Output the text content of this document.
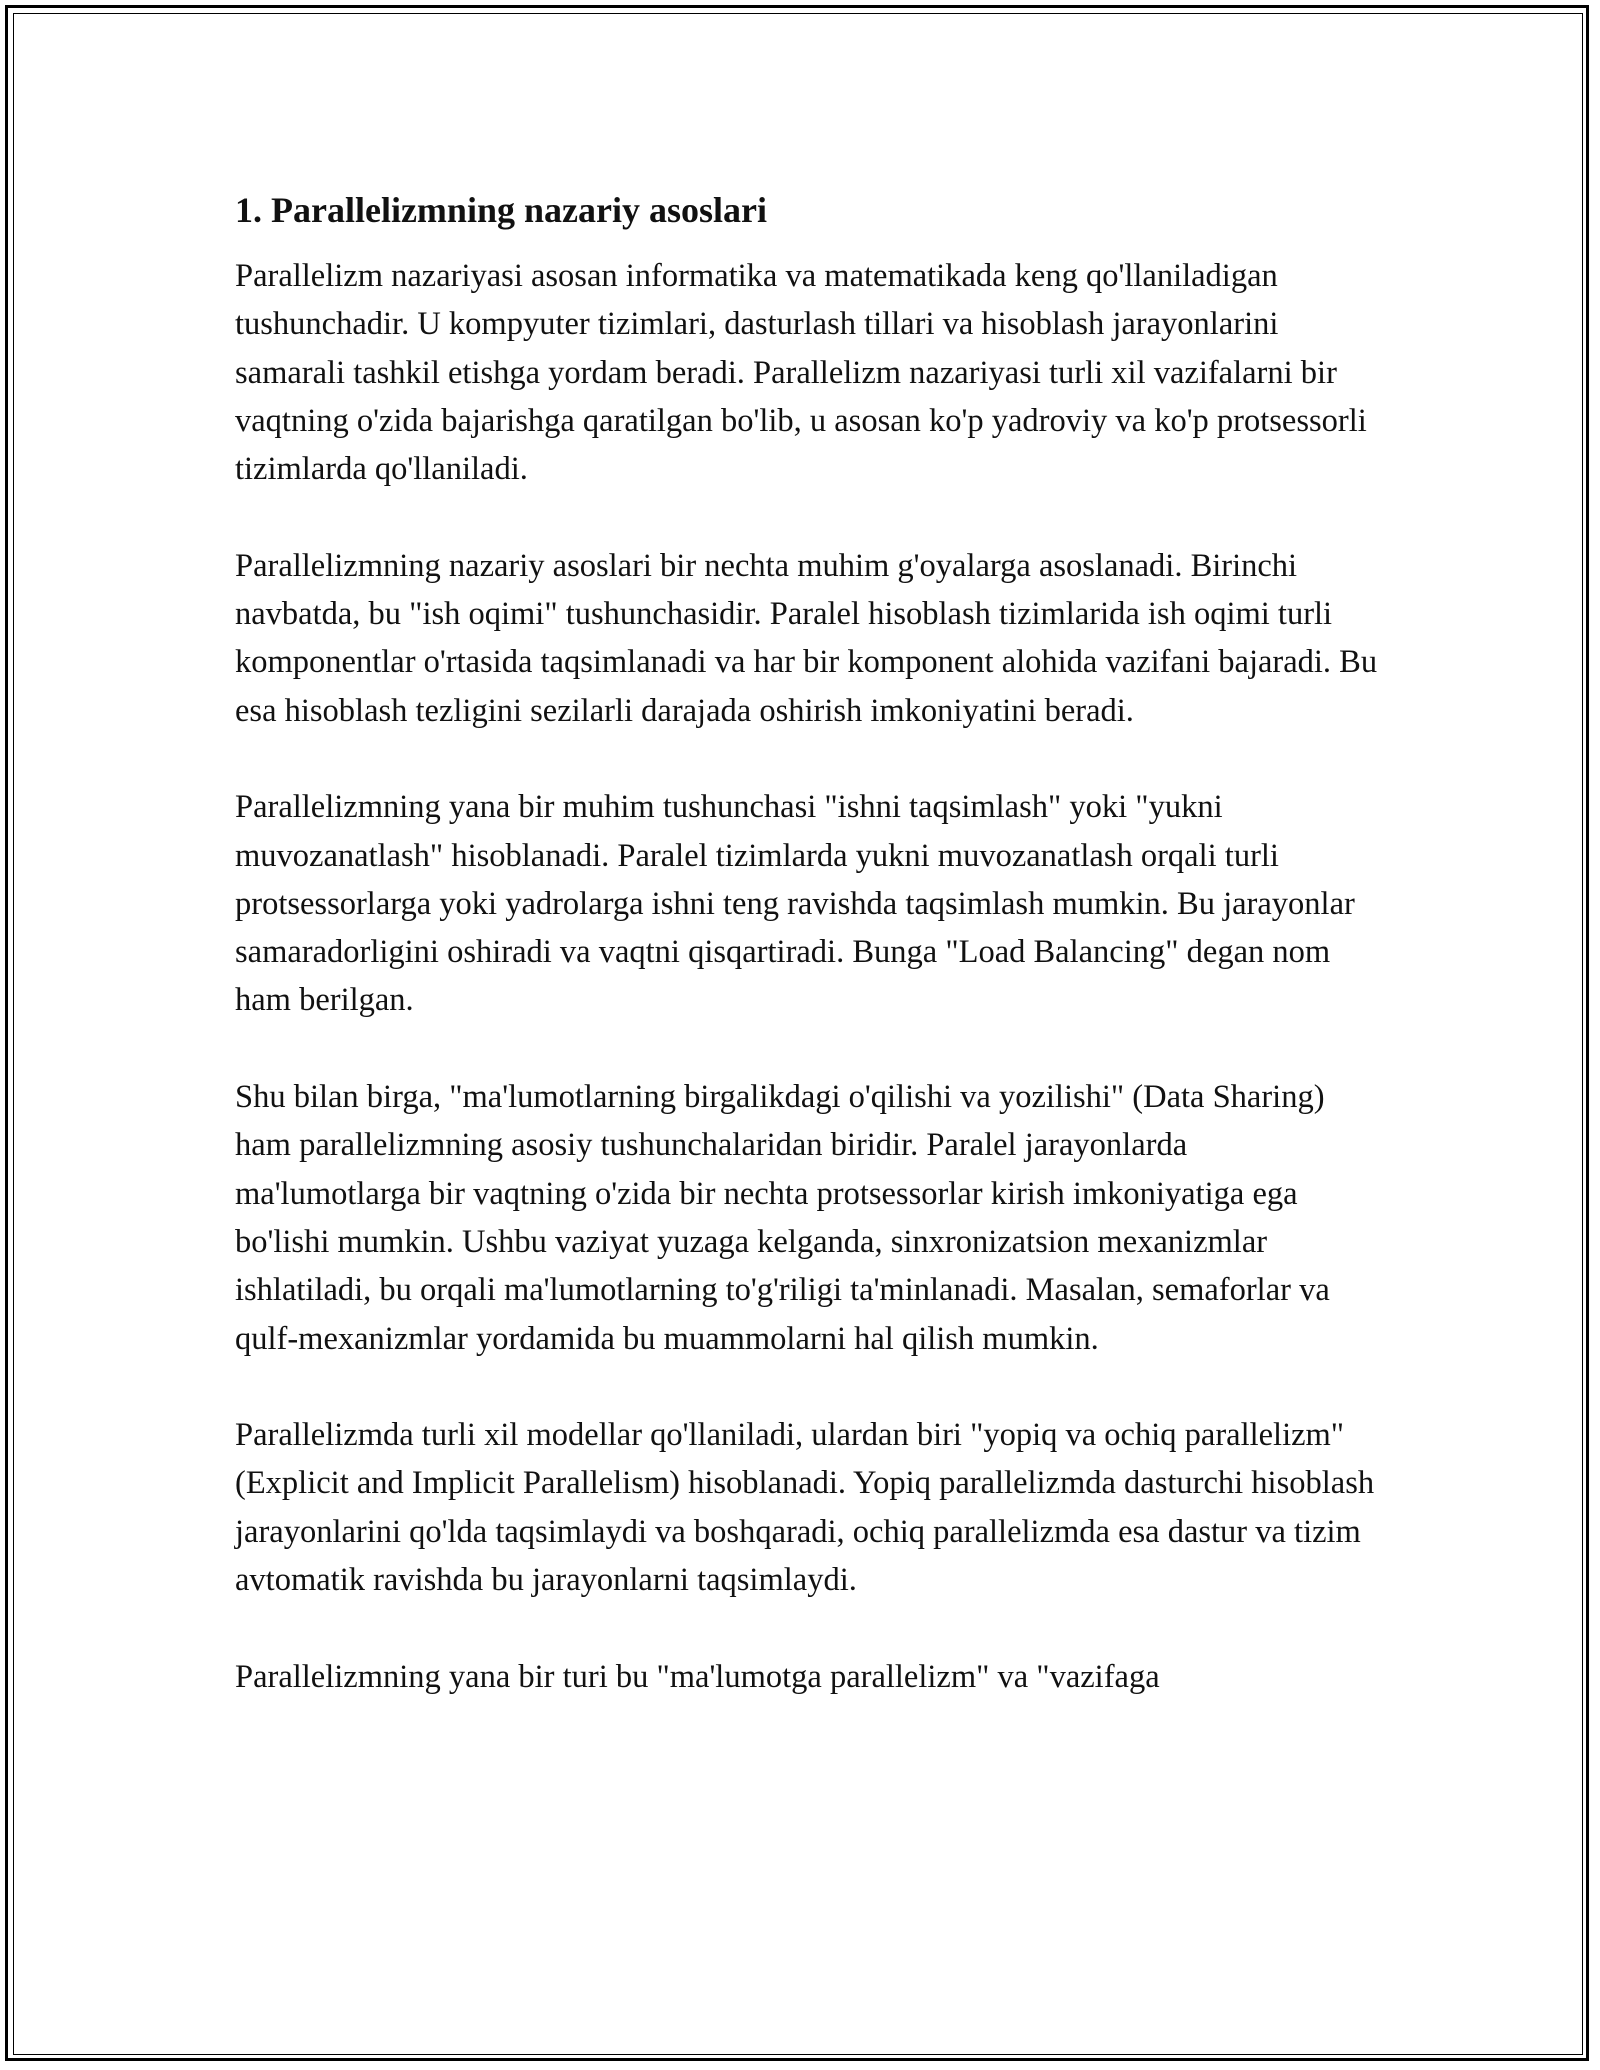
1. Parallelizmning nazariy asoslari

Parallelizm nazariyasi asosan informatika va matematikada keng qo'llaniladigan tushunchadir. U kompyuter tizimlari, dasturlash tillari va hisoblash jarayonlarini samarali tashkil etishga yordam beradi. Parallelizm nazariyasi turli xil vazifalarni bir vaqtning o'zida bajarishga qaratilgan bo'lib, u asosan ko'p yadroviy va ko'p protsessorli tizimlarda qo'llaniladi.

Parallelizmning nazariy asoslari bir nechta muhim g'oyalarga asoslanadi. Birinchi navbatda, bu "ish oqimi" tushunchasidir. Paralel hisoblash tizimlarida ish oqimi turli komponentlar o'rtasida taqsimlanadi va har bir komponent alohida vazifani bajaradi. Bu esa hisoblash tezligini sezilarli darajada oshirish imkoniyatini beradi.

Parallelizmning yana bir muhim tushunchasi "ishni taqsimlash" yoki "yukni muvozanatlash" hisoblanadi. Paralel tizimlarda yukni muvozanatlash orqali turli protsessorlarga yoki yadrolarga ishni teng ravishda taqsimlash mumkin. Bu jarayonlar samaradorligini oshiradi va vaqtni qisqartiradi. Bunga "Load Balancing" degan nom ham berilgan.

Shu bilan birga, "ma'lumotlarning birgalikdagi o'qilishi va yozilishi" (Data Sharing) ham parallelizmning asosiy tushunchalaridan biridir. Paralel jarayonlarda ma'lumotlarga bir vaqtning o'zida bir nechta protsessorlar kirish imkoniyatiga ega bo'lishi mumkin. Ushbu vaziyat yuzaga kelganda, sinxronizatsion mexanizmlar ishlatiladi, bu orqali ma'lumotlarning to'g'riligi ta'minlanadi. Masalan, semaforlar va qulf-mexanizmlar yordamida bu muammolarni hal qilish mumkin.

Parallelizmda turli xil modellar qo'llaniladi, ulardan biri "yopiq va ochiq parallelizm" (Explicit and Implicit Parallelism) hisoblanadi. Yopiq parallelizmda dasturchi hisoblash jarayonlarini qo'lda taqsimlaydi va boshqaradi, ochiq parallelizmda esa dastur va tizim avtomatik ravishda bu jarayonlarni taqsimlaydi.

Parallelizmning yana bir turi bu "ma'lumotga parallelizm" va "vazifaga
